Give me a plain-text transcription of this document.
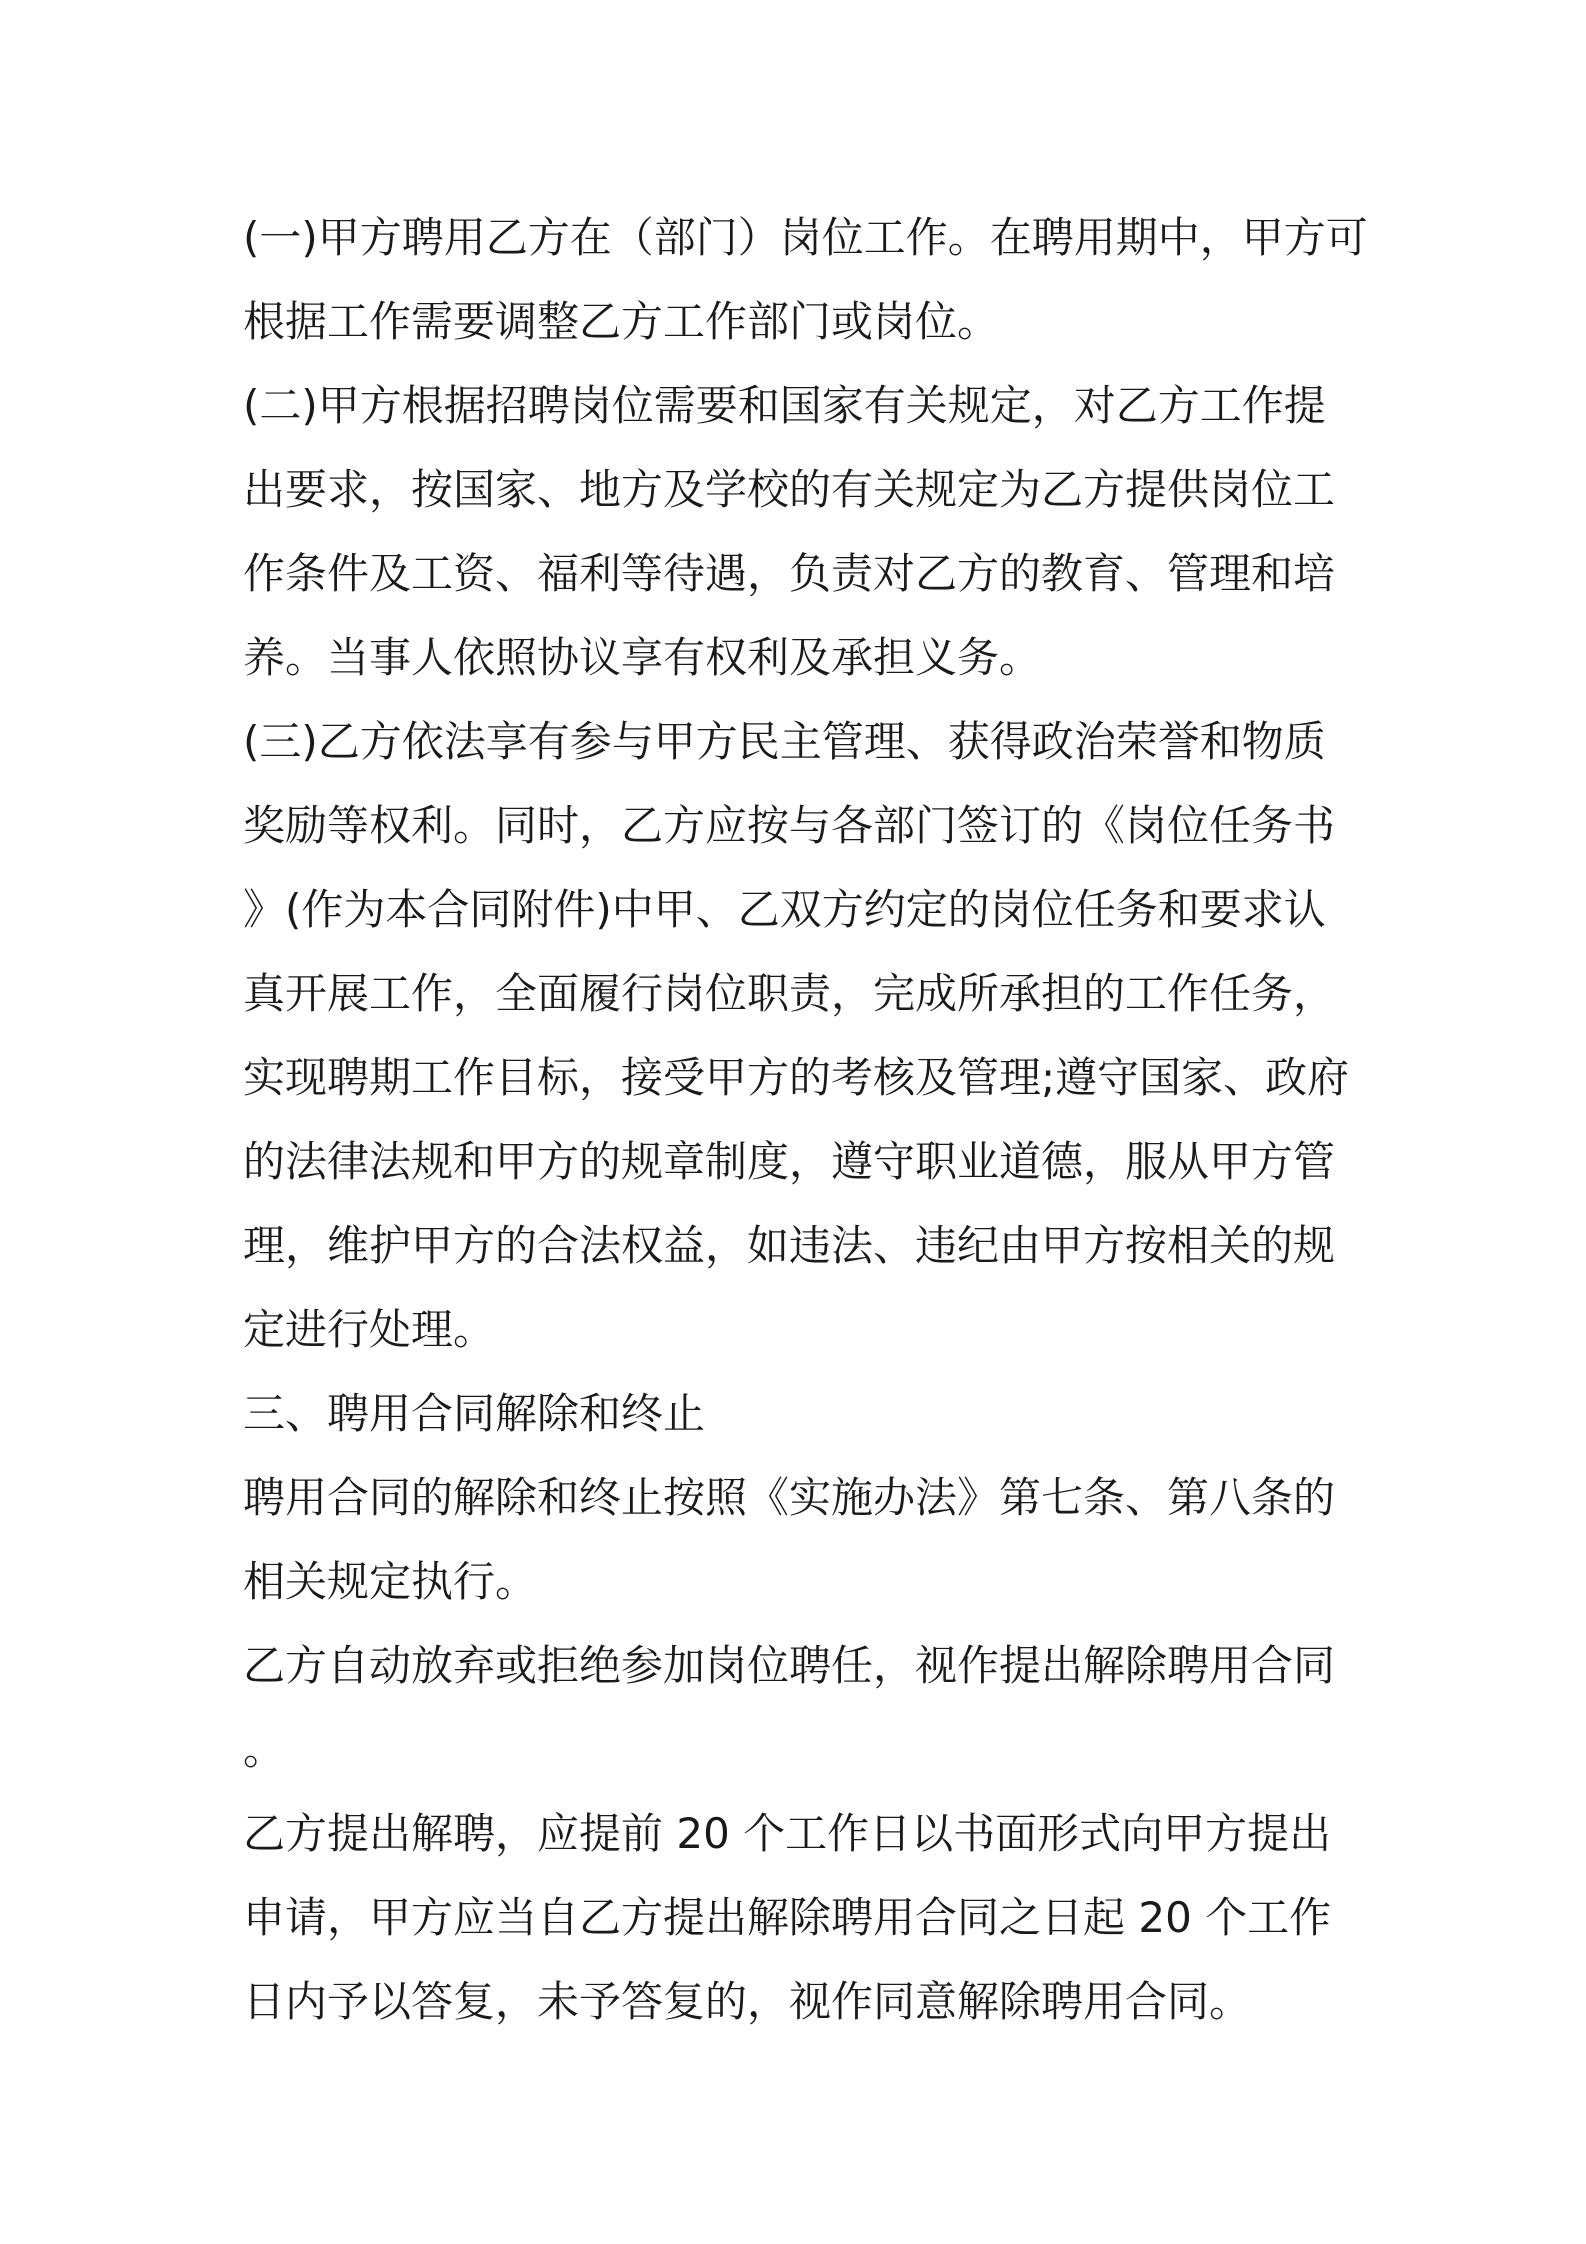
(一)甲方聘用乙方在（部门）岗位工作。在聘用期中，甲方可
根据工作需要调整乙方工作部门或岗位。
(二)甲方根据招聘岗位需要和国家有关规定，对乙方工作提
出要求，按国家、地方及学校的有关规定为乙方提供岗位工
作条件及工资、福利等待遇，负责对乙方的教育、管理和培
养。当事人依照协议享有权利及承担义务。
(三)乙方依法享有参与甲方民主管理、获得政治荣誉和物质
奖励等权利。同时，乙方应按与各部门签订的《岗位任务书
》(作为本合同附件)中甲、乙双方约定的岗位任务和要求认
真开展工作，全面履行岗位职责，完成所承担的工作任务，
实现聘期工作目标，接受甲方的考核及管理;遵守国家、政府
的法律法规和甲方的规章制度，遵守职业道德，服从甲方管
理，维护甲方的合法权益，如违法、违纪由甲方按相关的规
定进行处理。
三、聘用合同解除和终止
聘用合同的解除和终止按照《实施办法》第七条、第八条的
相关规定执行。
乙方自动放弃或拒绝参加岗位聘任，视作提出解除聘用合同
。
乙方提出解聘，应提前 20 个工作日以书面形式向甲方提出
申请，甲方应当自乙方提出解除聘用合同之日起 20 个工作
日内予以答复，未予答复的，视作同意解除聘用合同。
